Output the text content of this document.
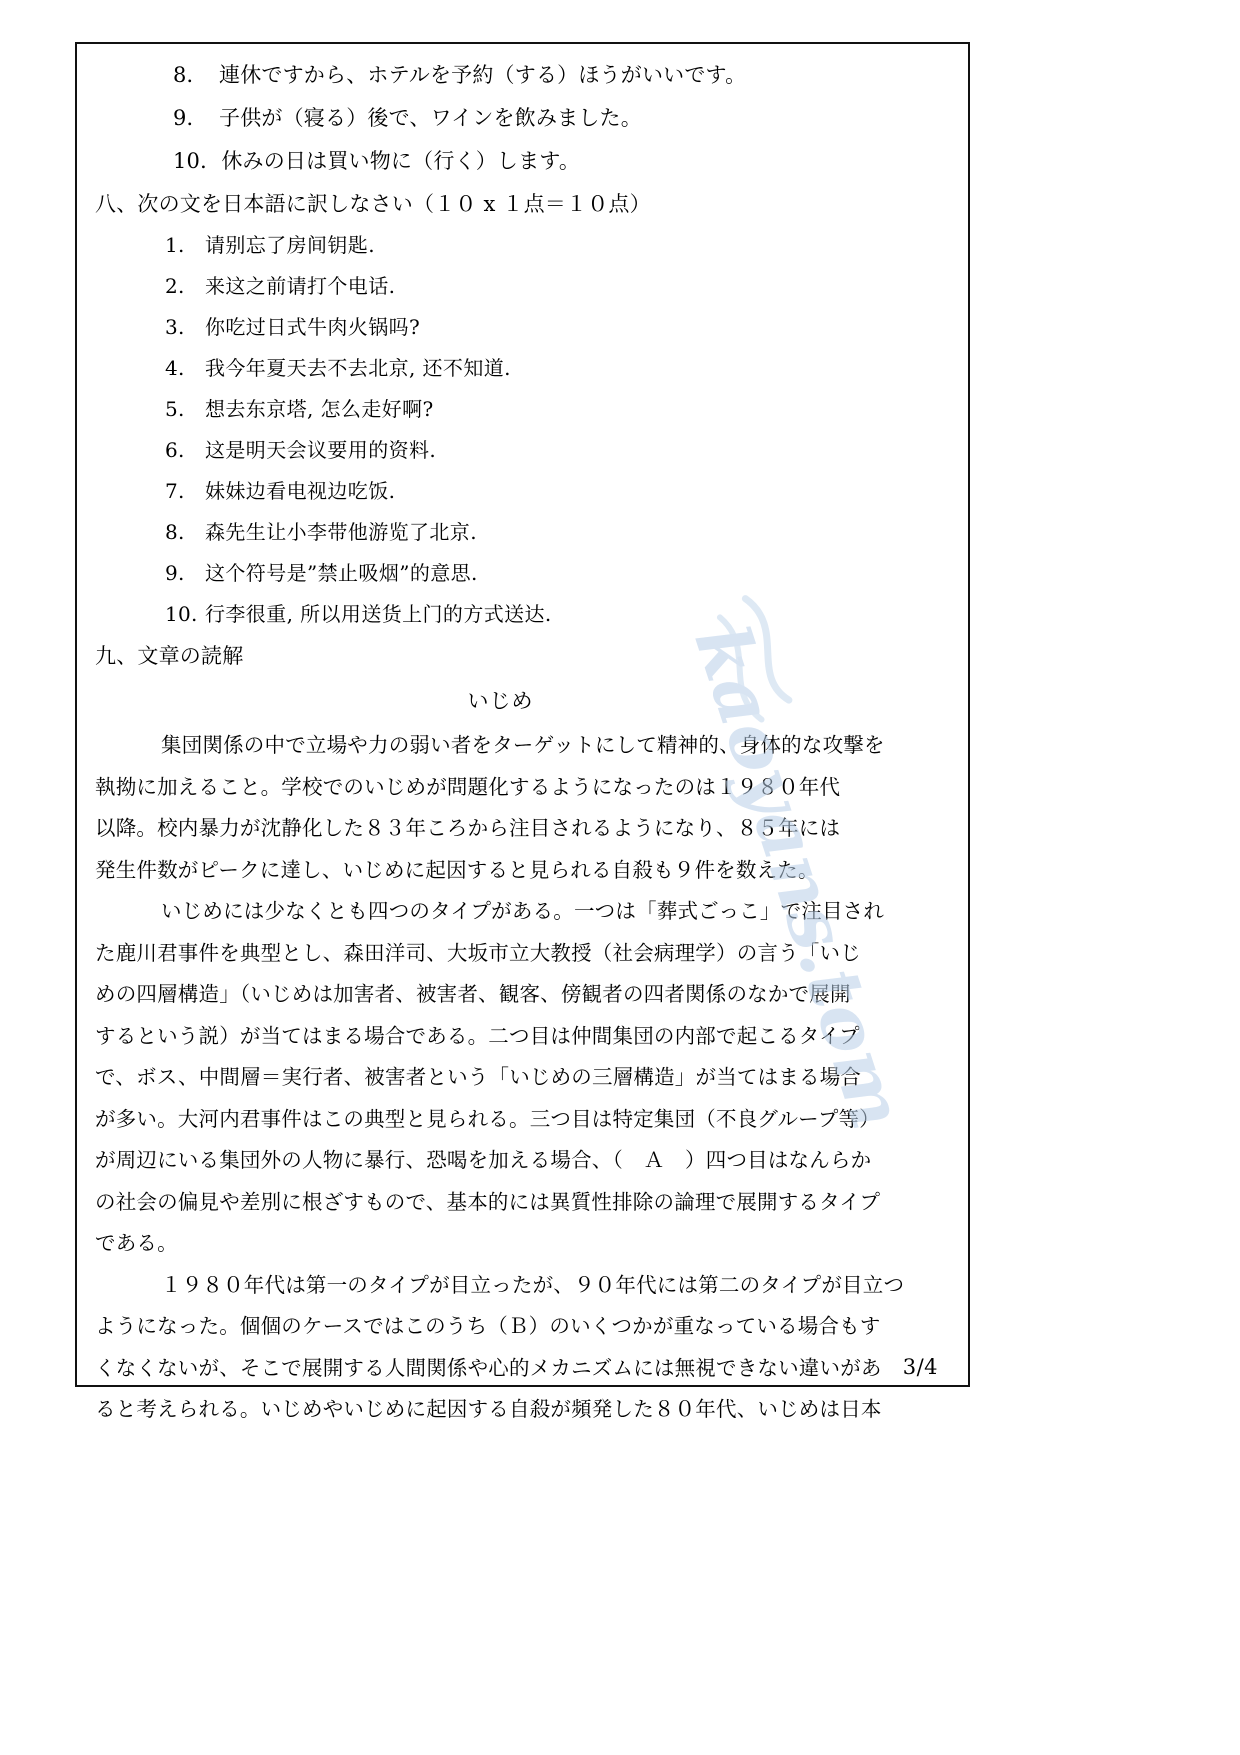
8． 連休ですから、ホテルを予約（する）ほうがいいです。
9． 子供が（寝る）後で、ワインを飲みました。
10．休みの日は買い物に（行く）します。
八、次の文を日本語に訳しなさい（１０ x １点＝１０点）
1. 请别忘了房间钥匙.
2. 来这之前请打个电话.
3. 你吃过日式牛肉火锅吗?
4. 我今年夏天去不去北京, 还不知道.
5. 想去东京塔, 怎么走好啊?
6. 这是明天会议要用的资料.
7. 妹妹边看电视边吃饭.
8. 森先生让小李带他游览了北京.
9. 这个符号是”禁止吸烟”的意思.
10. 行李很重, 所以用送货上门的方式送达.
九、文章の読解
いじめ
集団関係の中で立場や力の弱い者をターゲットにして精神的、身体的な攻撃を
執拗に加えること。学校でのいじめが問題化するようになったのは１９８０年代
以降。校内暴力が沈静化した８３年ころから注目されるようになり、８５年には
発生件数がピークに達し、いじめに起因すると見られる自殺も９件を数えた。
いじめには少なくとも四つのタイプがある。一つは「葬式ごっこ」で注目され
た鹿川君事件を典型とし、森田洋司、大坂市立大教授（社会病理学）の言う「いじ
めの四層構造」（いじめは加害者、被害者、観客、傍観者の四者関係のなかで展開
するという説）が当てはまる場合である。二つ目は仲間集団の内部で起こるタイプ
で、ボス、中間層＝実行者、被害者という「いじめの三層構造」が当てはまる場合
が多い。大河内君事件はこの典型と見られる。三つ目は特定集団（不良グループ等）
が周辺にいる集団外の人物に暴行、恐喝を加える場合、（　Ａ　）四つ目はなんらか
の社会の偏見や差別に根ざすもので、基本的には異質性排除の論理で展開するタイプ
である。
１９８０年代は第一のタイプが目立ったが、９０年代には第二のタイプが目立つ
ようになった。個個のケースではこのうち（Ｂ）のいくつかが重なっている場合もす
くなくないが、そこで展開する人間関係や心的メカニズムには無視できない違いがあ
ると考えられる。いじめやいじめに起因する自殺が頻発した８０年代、いじめは日本
3/4
kaoyans.tom
